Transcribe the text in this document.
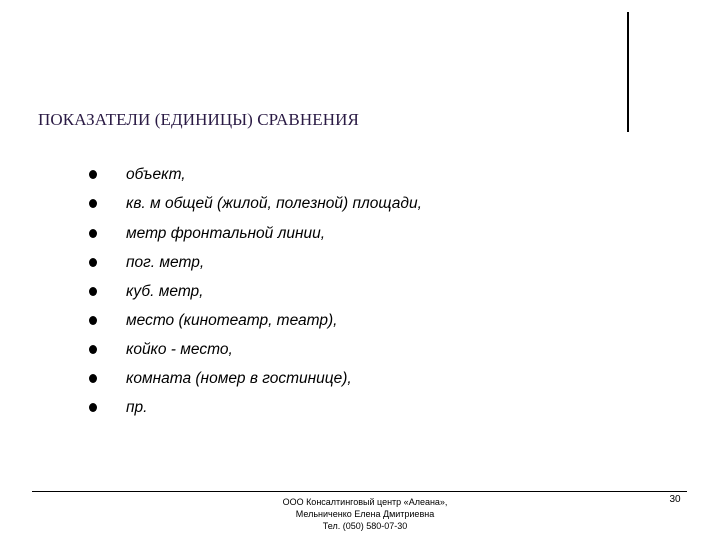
ПОКАЗАТЕЛИ (ЕДИНИЦЫ) СРАВНЕНИЯ
объект,
кв. м общей (жилой, полезной) площади,
метр фронтальной линии,
пог. метр,
куб. метр,
место (кинотеатр, театр),
койко - место,
комната (номер в гостинице),
пр.
ООО Консалтинговый центр «Алеана»,
Мельниченко Елена Дмитриевна
Тел. (050) 580-07-30
30
